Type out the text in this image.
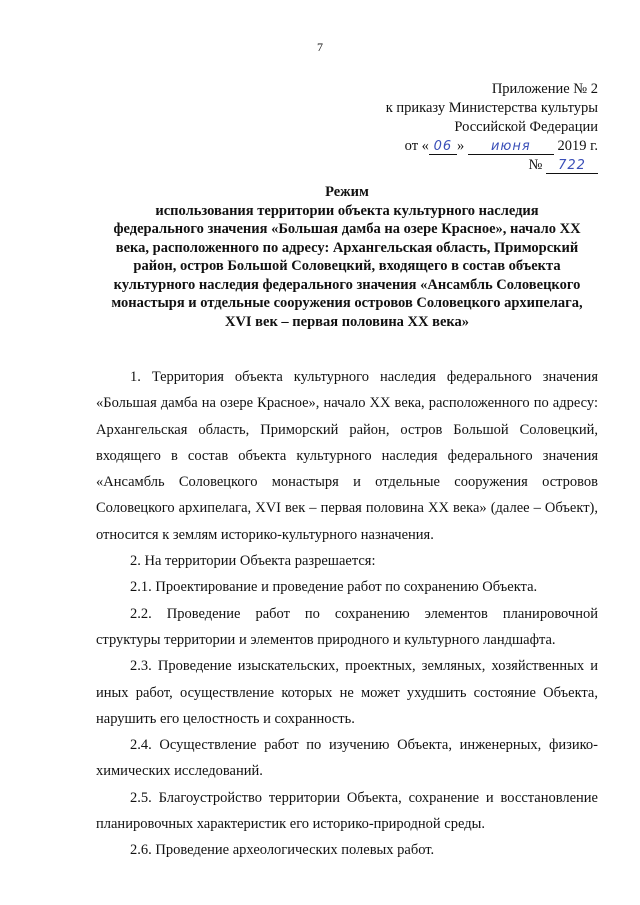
7
Приложение № 2
к приказу Министерства культуры
Российской Федерации
от « 06 » июня 2019 г.
№ 722
Режим
использования территории объекта культурного наследия
федерального значения «Большая дамба на озере Красное», начало XX
века, расположенного по адресу: Архангельская область, Приморский
район, остров Большой Соловецкий, входящего в состав объекта
культурного наследия федерального значения «Ансамбль Соловецкого
монастыря и отдельные сооружения островов Соловецкого архипелага,
XVI век – первая половина XX века»

1. Территория объекта культурного наследия федерального значения «Большая дамба на озере Красное», начало XX века, расположенного по адресу: Архангельская область, Приморский район, остров Большой Соловецкий, входящего в состав объекта культурного наследия федерального значения «Ансамбль Соловецкого монастыря и отдельные сооружения островов Соловецкого архипелага, XVI век – первая половина XX века» (далее – Объект), относится к землям историко-культурного назначения.

2. На территории Объекта разрешается:

2.1. Проектирование и проведение работ по сохранению Объекта.

2.2. Проведение работ по сохранению элементов планировочной структуры территории и элементов природного и культурного ландшафта.

2.3. Проведение изыскательских, проектных, земляных, хозяйственных и иных работ, осуществление которых не может ухудшить состояние Объекта, нарушить его целостность и сохранность.

2.4. Осуществление работ по изучению Объекта, инженерных, физико-химических исследований.

2.5. Благоустройство территории Объекта, сохранение и восстановление планировочных характеристик его историко-природной среды.

2.6. Проведение археологических полевых работ.
